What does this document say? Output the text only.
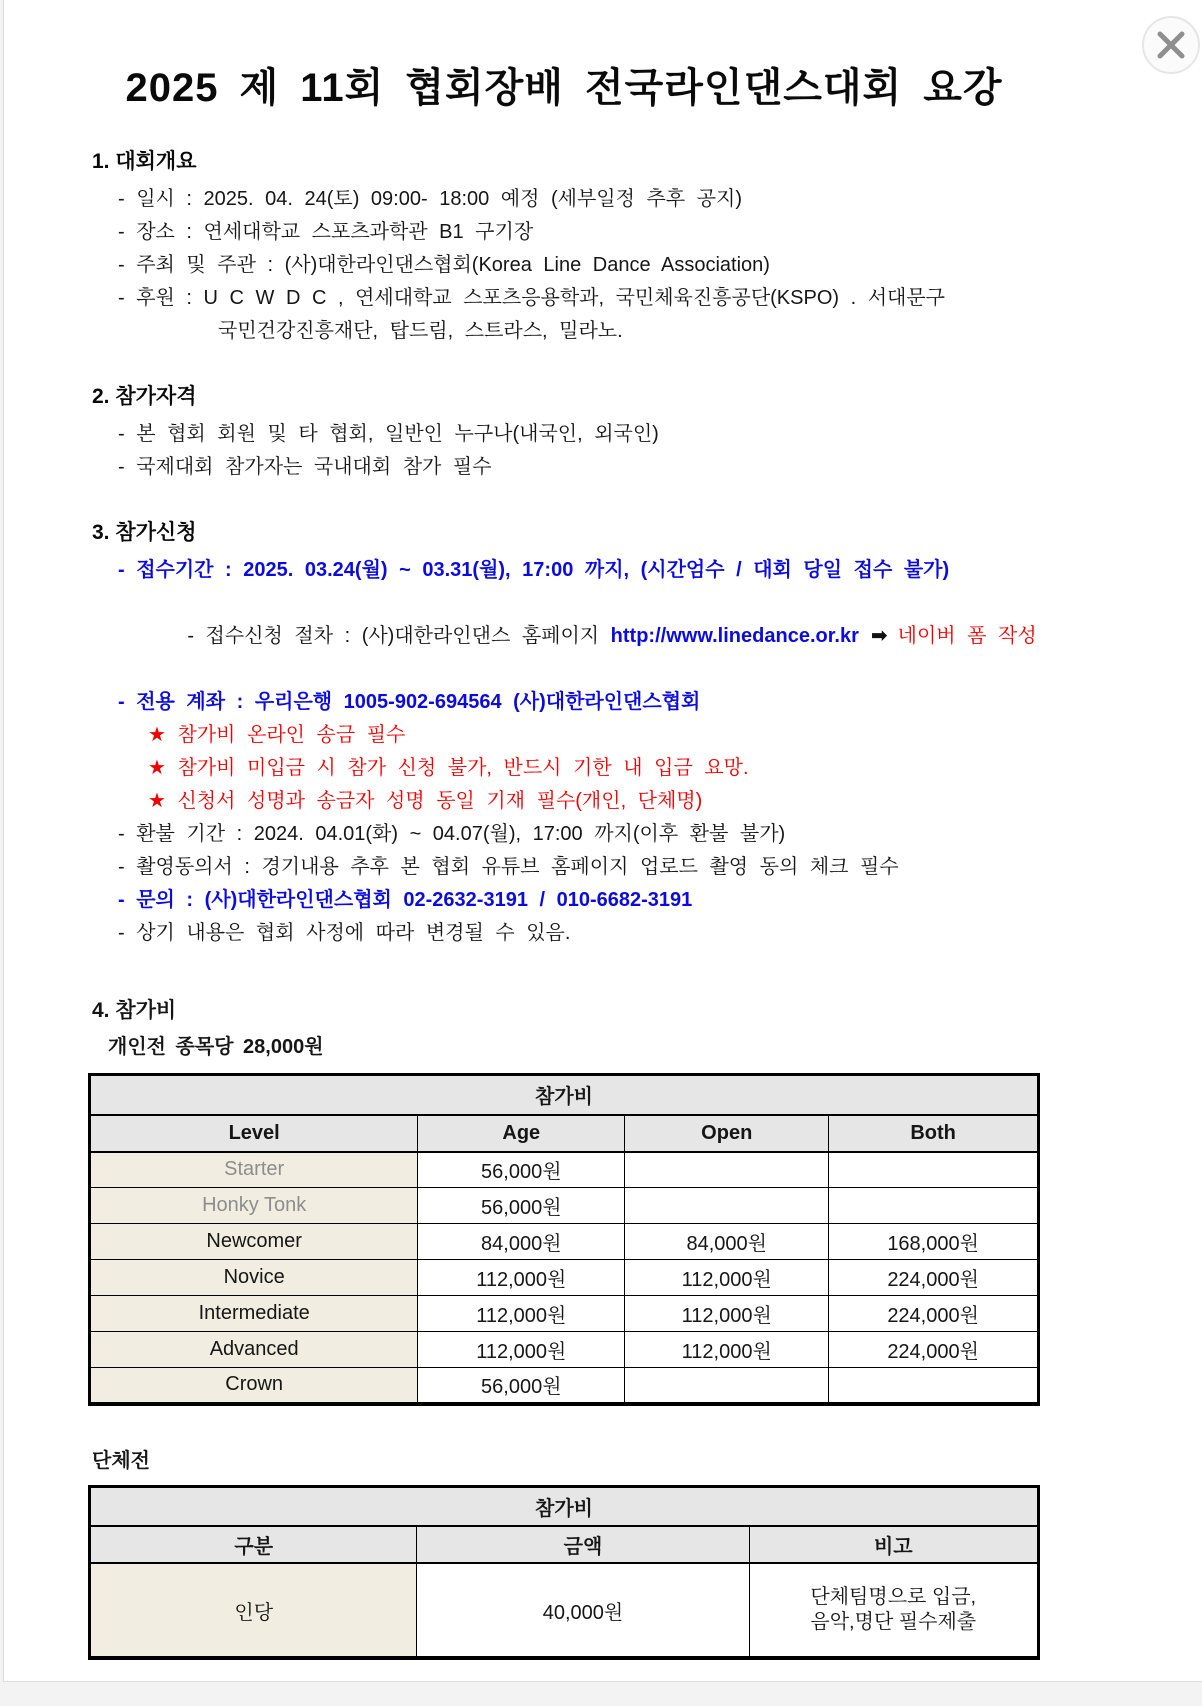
2025 제 11회 협회장배 전국라인댄스대회 요강
1. 대회개요
- 일시 : 2025. 04. 24(토) 09:00- 18:00 예정 (세부일정 추후 공지)
- 장소 : 연세대학교 스포츠과학관 B1 구기장
- 주최 및 주관 : (사)대한라인댄스협회(Korea Line Dance Association)
- 후원 : U C W D C , 연세대학교 스포츠응용학과, 국민체육진흥공단(KSPO) . 서대문구
국민건강진흥재단, 탑드림, 스트라스, 밀라노.
2. 참가자격
- 본 협회 회원 및 타 협회, 일반인 누구나(내국인, 외국인)
- 국제대회 참가자는 국내대회 참가 필수
3. 참가신청
- 접수기간 : 2025. 03.24(월) ~ 03.31(월), 17:00 까지, (시간엄수 / 대회 당일 접수 불가)

- 접수신청 절차 : (사)대한라인댄스 홈페이지 http://www.linedance.or.kr ➡ 네이버 폼 작성

- 전용 계좌 : 우리은행 1005-902-694564 (사)대한라인댄스협회
★ 참가비 온라인 송금 필수
★ 참가비 미입금 시 참가 신청 불가, 반드시 기한 내 입금 요망.
★ 신청서 성명과 송금자 성명 동일 기재 필수(개인, 단체명)
- 환불 기간 : 2024. 04.01(화) ~ 04.07(월), 17:00 까지(이후 환불 불가)
- 촬영동의서 : 경기내용 추후 본 협회 유튜브 홈페이지 업로드 촬영 동의 체크 필수
- 문의 : (사)대한라인댄스협회 02-2632-3191 / 010-6682-3191
- 상기 내용은 협회 사정에 따라 변경될 수 있음.
4. 참가비
개인전 종목당 28,000원
참가비			
Level	Age	Open	Both
Starter	56,000원		
Honky Tonk	56,000원		
Newcomer	84,000원	84,000원	168,000원
Novice	112,000원	112,000원	224,000원
Intermediate	112,000원	112,000원	224,000원
Advanced	112,000원	112,000원	224,000원
Crown	56,000원		
단체전
참가비		
구분	금액	비고
인당	40,000원	단체팀명으로 입금,
음악,명단 필수제출
